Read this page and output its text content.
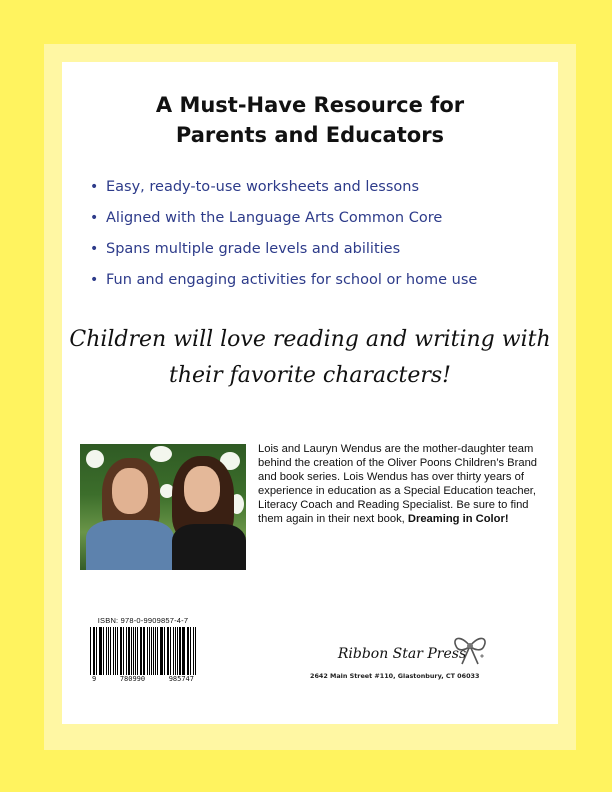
A Must-Have Resource for
Parents and Educators
• Easy, ready-to-use worksheets and lessons
• Aligned with the Language Arts Common Core
• Spans multiple grade levels and abilities
• Fun and engaging activities for school or home use
Children will love reading and writing with
their favorite characters!
Lois and Lauryn Wendus are the mother-daughter team behind the creation of the Oliver Poons Children’s Brand and book series. Lois Wendus has over thirty years of experience in education as a Special Education teacher, Literacy Coach and Reading Specialist. Be sure to find them again in their next book, Dreaming in Color!
ISBN: 978-0-9909857-4-7
9	780990	985747
Ribbon Star Press
2642 Main Street #110, Glastonbury, CT 06033
